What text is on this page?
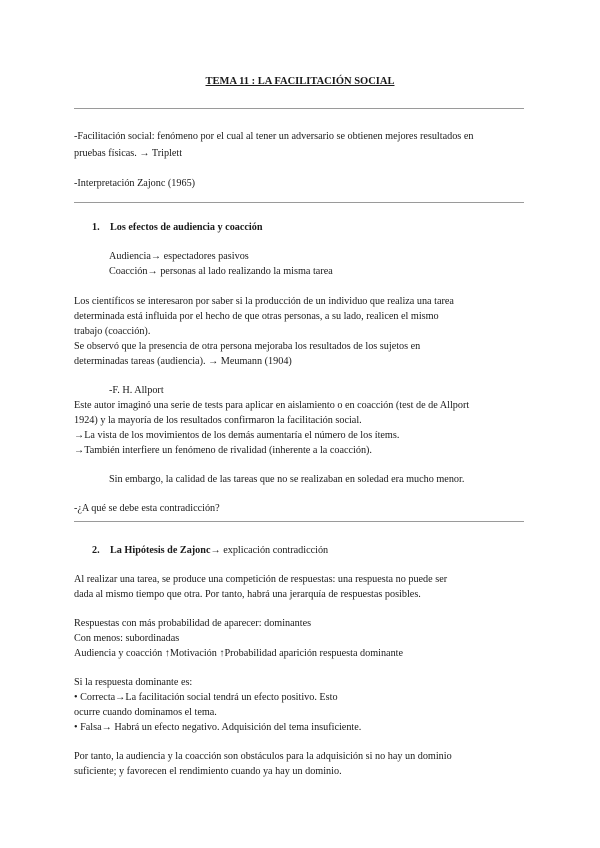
TEMA 11 : LA FACILITACIÓN SOCIAL
-Facilitación social: fenómeno por el cual al tener un adversario se obtienen mejores resultados en
pruebas físicas. → Triplett
-Interpretación Zajonc (1965)
1. Los efectos de audiencia y coacción
Audiencia→ espectadores pasivos
Coacción→ personas al lado realizando la misma tarea
Los científicos se interesaron por saber si la producción de un individuo que realiza una tarea
determinada está influida por el hecho de que otras personas, a su lado, realicen el mismo
trabajo (coacción).
Se observó que la presencia de otra persona mejoraba los resultados de los sujetos en
determinadas tareas (audiencia). → Meumann (1904)
-F. H. Allport
Este autor imaginó una serie de tests para aplicar en aislamiento o en coacción (test de de Allport
1924) y la mayoría de los resultados confirmaron la facilitación social.
→La vista de los movimientos de los demás aumentaría el número de los ítems.
→También interfiere un fenómeno de rivalidad (inherente a la coacción).
Sin embargo, la calidad de las tareas que no se realizaban en soledad era mucho menor.
-¿A qué se debe esta contradicción?
2. La Hipótesis de Zajonc→ explicación contradicción
Al realizar una tarea, se produce una competición de respuestas: una respuesta no puede ser
dada al mismo tiempo que otra. Por tanto, habrá una jerarquía de respuestas posibles.
Respuestas con más probabilidad de aparecer: dominantes
Con menos: subordinadas
Audiencia y coacción ↑Motivación ↑Probabilidad aparición respuesta dominante
Si la respuesta dominante es:
• Correcta→La facilitación social tendrá un efecto positivo. Esto
ocurre cuando dominamos el tema.
• Falsa→ Habrá un efecto negativo. Adquisición del tema insuficiente.
Por tanto, la audiencia y la coacción son obstáculos para la adquisición si no hay un dominio
suficiente; y favorecen el rendimiento cuando ya hay un dominio.
